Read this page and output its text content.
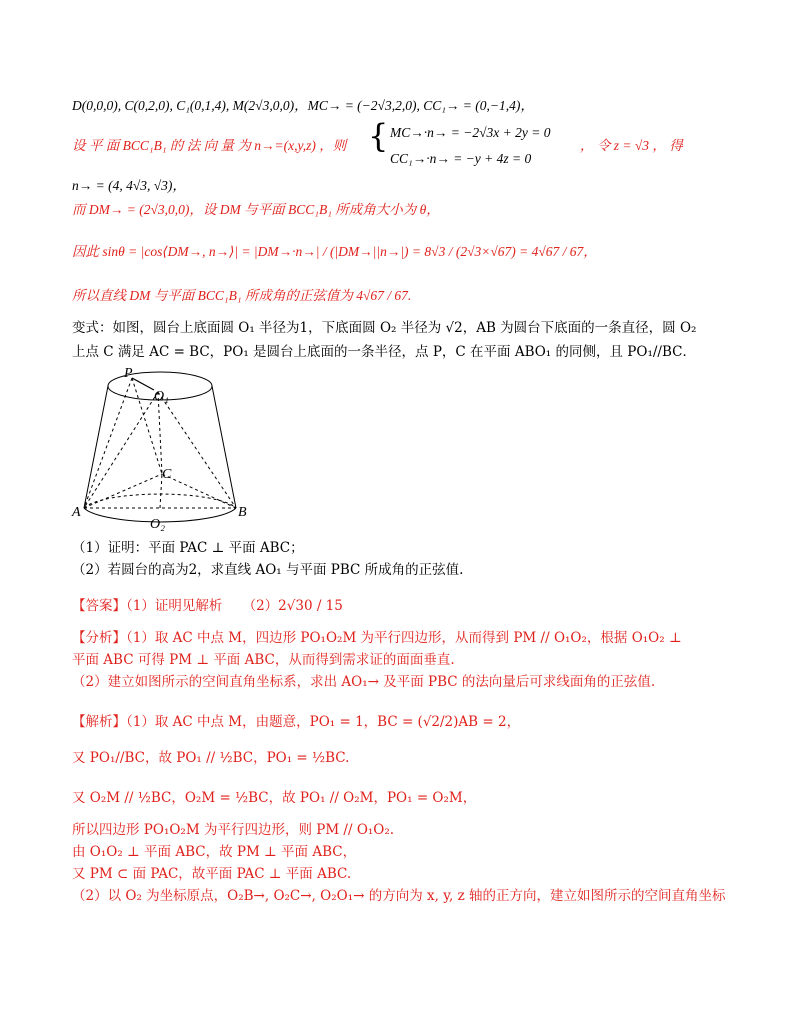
D(0,0,0), C(0,2,0), C₁(0,1,4), M(2√3,0,0)，MC→ = (−2√3,2,0), CC₁→ = (0,−1,4)，
设 平 面 BCC₁B₁ 的 法 向 量 为 n→=(x,y,z) ，则 { MC→·n→ = −2√3x + 2y = 0
CC₁→·n→ = −y + 4z = 0
， 令 z = √3 ， 得
n→ = (4, 4√3, √3)，
而 DM→ = (2√3,0,0)，设 DM 与平面 BCC₁B₁ 所成角大小为 θ，
因此 sinθ = |cos⟨DM→, n→⟩| = |DM→·n→| / (|DM→||n→|) = 8√3 / (2√3×√67) = 4√67 / 67，
所以直线 DM 与平面 BCC₁B₁ 所成角的正弦值为 4√67 / 67.
变式：如图，圆台上底面圆 O₁ 半径为1，下底面圆 O₂ 半径为 √2，AB 为圆台下底面的一条直径，圆 O₂
上点 C 满足 AC = BC，PO₁ 是圆台上底面的一条半径，点 P，C 在平面 ABO₁ 的同侧，且 PO₁//BC．
P
O₁
C
A	B
O₂
（1）证明：平面 PAC ⊥ 平面 ABC；
（2）若圆台的高为2，求直线 AO₁ 与平面 PBC 所成角的正弦值.
【答案】（1）证明见解析　　（2）2√30 / 15
【分析】（1）取 AC 中点 M，四边形 PO₁O₂M 为平行四边形，从而得到 PM // O₁O₂，根据 O₁O₂ ⊥
平面 ABC 可得 PM ⊥ 平面 ABC，从而得到需求证的面面垂直.
（2）建立如图所示的空间直角坐标系，求出 AO₁→ 及平面 PBC 的法向量后可求线面角的正弦值.
【解析】（1）取 AC 中点 M，由题意，PO₁ = 1，BC = (√2/2)AB = 2，
又 PO₁//BC，故 PO₁ // ½BC，PO₁ = ½BC.
又 O₂M // ½BC，O₂M = ½BC，故 PO₁ // O₂M，PO₁ = O₂M，
所以四边形 PO₁O₂M 为平行四边形，则 PM // O₁O₂.
由 O₁O₂ ⊥ 平面 ABC，故 PM ⊥ 平面 ABC，
又 PM ⊂ 面 PAC，故平面 PAC ⊥ 平面 ABC.
（2）以 O₂ 为坐标原点，O₂B→, O₂C→, O₂O₁→ 的方向为 x, y, z 轴的正方向，建立如图所示的空间直角坐标
